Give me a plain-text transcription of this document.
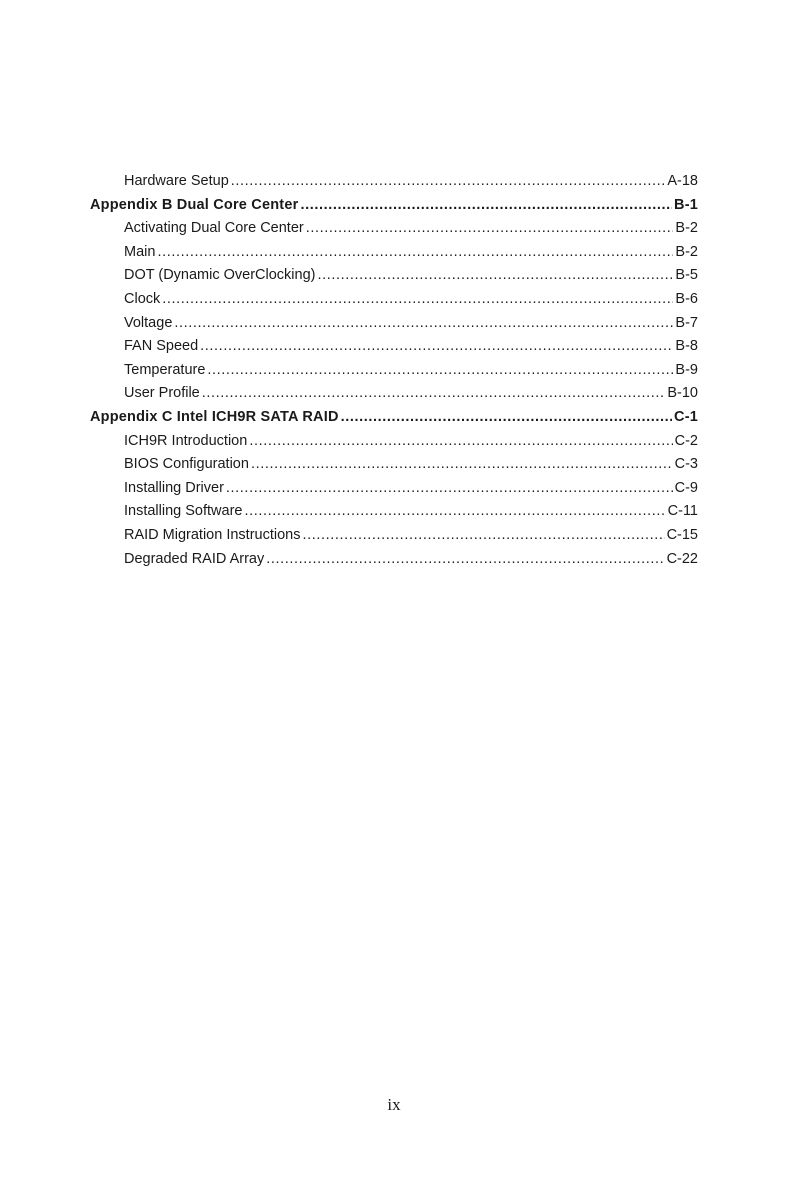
Hardware Setup .....	A-18
Appendix B Dual Core Center .....	B-1
Activating Dual Core Center .....	B-2
Main .....	B-2
DOT (Dynamic OverClocking) .....	B-5
Clock .....	B-6
Voltage .....	B-7
FAN Speed .....	B-8
Temperature .....	B-9
User Profile .....	B-10
Appendix C Intel ICH9R SATA RAID .....	C-1
ICH9R Introduction .....	C-2
BIOS Configuration .....	C-3
Installing Driver .....	C-9
Installing Software .....	C-11
RAID Migration Instructions .....	C-15
Degraded RAID Array .....	C-22
ix
